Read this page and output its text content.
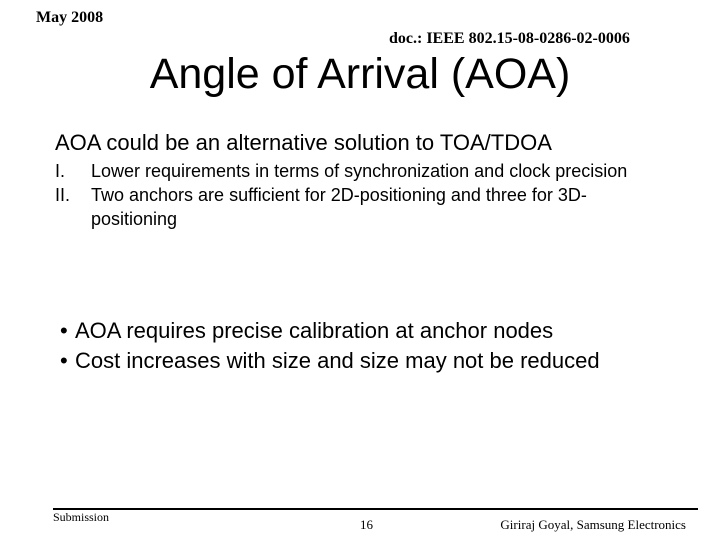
May 2008
doc.: IEEE 802.15-08-0286-02-0006
Angle of Arrival (AOA)
AOA could be an alternative solution to TOA/TDOA
I.	Lower requirements in terms of synchronization and clock precision
II.	Two anchors are sufficient for 2D-positioning and three for 3D-positioning
• AOA requires precise calibration at anchor nodes
• Cost increases with size and size may not be reduced
Submission	16	Giriraj Goyal, Samsung Electronics
